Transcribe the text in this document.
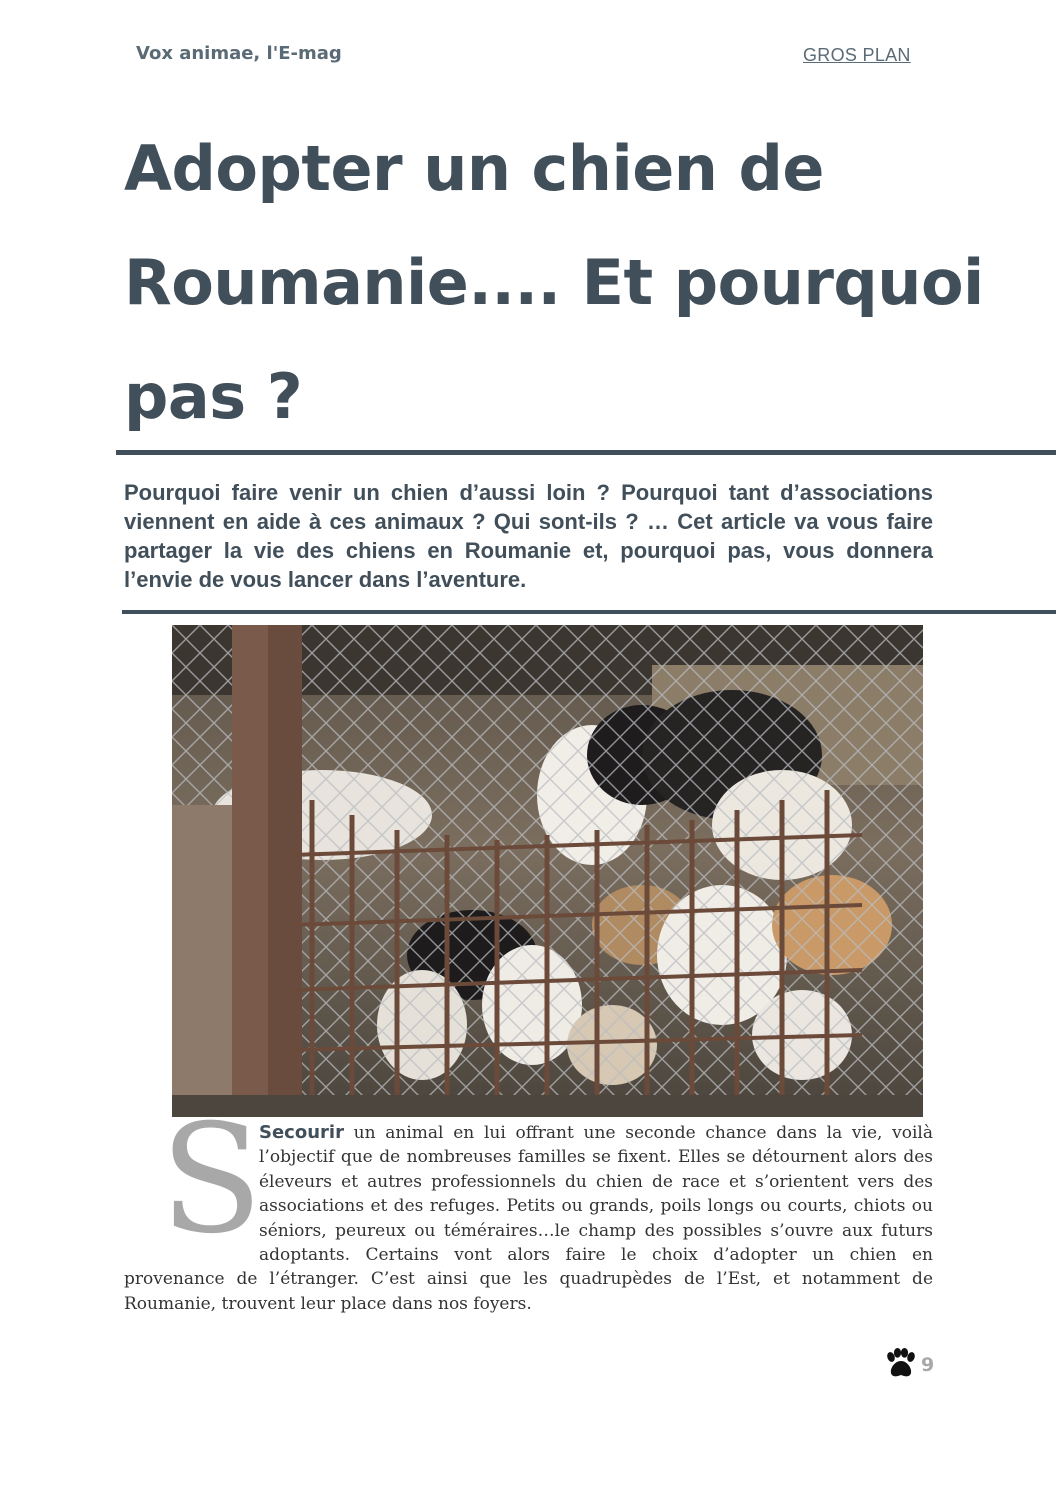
Vox animae, l'E-mag	GROS PLAN
Adopter un chien de Roumanie.... Et pourquoi pas ?

Pourquoi faire venir un chien d’aussi loin ? Pourquoi tant d’associations viennent en aide à ces animaux ? Qui sont-ils ? … Cet article va vous faire partager la vie des chiens en Roumanie et, pourquoi pas, vous donnera l’envie de vous lancer dans l’aventure.

S

Secourir un animal en lui offrant une seconde chance dans la vie, voilà l’objectif que de nombreuses familles se fixent. Elles se détournent alors des éleveurs et autres professionnels du chien de race et s’orientent vers des associations et des refuges. Petits ou grands, poils longs ou courts, chiots ou séniors, peureux ou téméraires…le champ des possibles s’ouvre aux futurs adoptants. Certains vont alors faire le choix d’adopter un chien en provenance de l’étranger. C’est ainsi que les quadrupèdes de l’Est, et notamment de Roumanie, trouvent leur place dans nos foyers.

9
